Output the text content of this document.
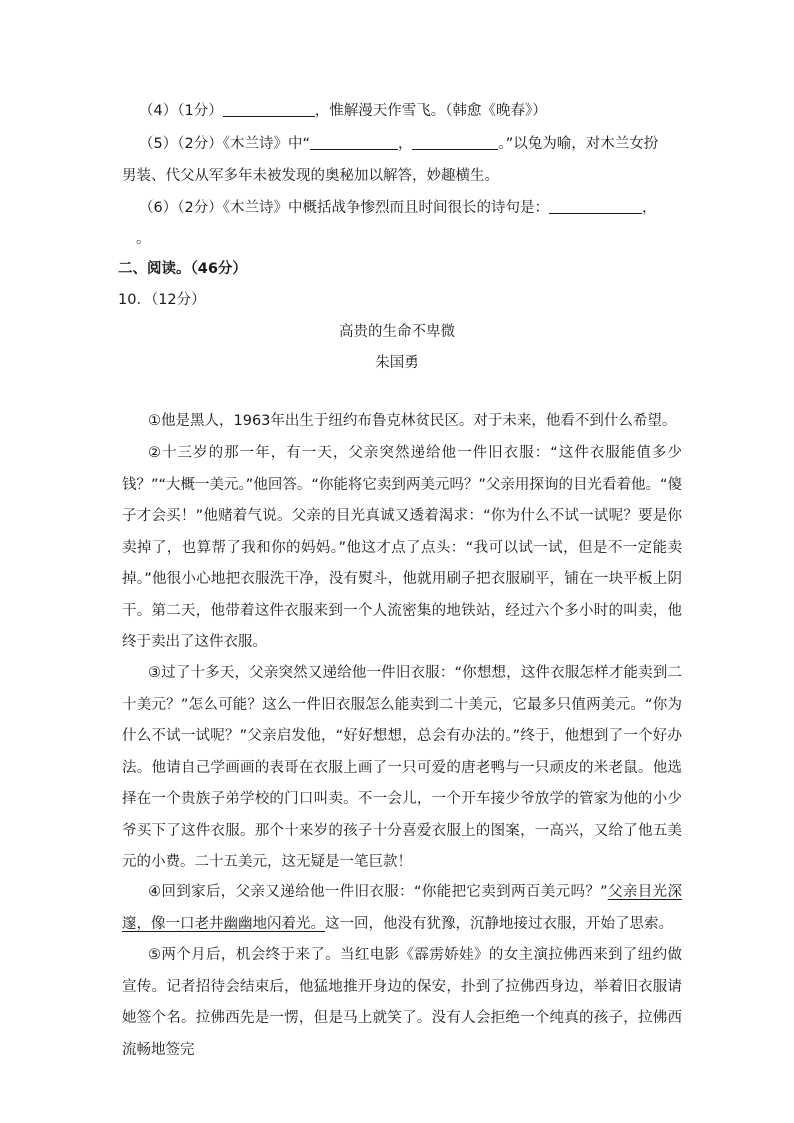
（4）（1分）	，惟解漫天作雪飞。（韩愈《晚春》）
（5）（2分）《木兰诗》中“	，	。”以兔为喻，对木兰女扮
男装、代父从军多年未被发现的奥秘加以解答，妙趣横生。
（6）（2分）《木兰诗》中概括战争惨烈而且时间很长的诗句是：	，
。
二、阅读。（46分）
10．（12分）
高贵的生命不卑微
朱国勇
①他是黑人，1963年出生于纽约布鲁克林贫民区。对于未来，他看不到什么希望。
②十三岁的那一年，有一天，父亲突然递给他一件旧衣服：“这件衣服能值多少钱？”“大概一美元。”他回答。“你能将它卖到两美元吗？”父亲用探询的目光看着他。“傻子才会买！”他赌着气说。父亲的目光真诚又透着渴求：“你为什么不试一试呢？要是你卖掉了，也算帮了我和你的妈妈。”他这才点了点头：“我可以试一试，但是不一定能卖掉。”他很小心地把衣服洗干净，没有熨斗，他就用刷子把衣服刷平，铺在一块平板上阴干。第二天，他带着这件衣服来到一个人流密集的地铁站，经过六个多小时的叫卖，他终于卖出了这件衣服。
③过了十多天，父亲突然又递给他一件旧衣服：“你想想，这件衣服怎样才能卖到二十美元？”怎么可能？这么一件旧衣服怎么能卖到二十美元，它最多只值两美元。“你为什么不试一试呢？”父亲启发他，“好好想想，总会有办法的。”终于，他想到了一个好办法。他请自己学画画的表哥在衣服上画了一只可爱的唐老鸭与一只顽皮的米老鼠。他选择在一个贵族子弟学校的门口叫卖。不一会儿，一个开车接少爷放学的管家为他的小少爷买下了这件衣服。那个十来岁的孩子十分喜爱衣服上的图案，一高兴，又给了他五美元的小费。二十五美元，这无疑是一笔巨款！
④回到家后，父亲又递给他一件旧衣服：“你能把它卖到两百美元吗？”父亲目光深邃，像一口老井幽幽地闪着光。这一回，他没有犹豫，沉静地接过衣服，开始了思索。
⑤两个月后，机会终于来了。当红电影《霹雳娇娃》的女主演拉佛西来到了纽约做宣传。记者招待会结束后，他猛地推开身边的保安，扑到了拉佛西身边，举着旧衣服请她签个名。拉佛西先是一愣，但是马上就笑了。没有人会拒绝一个纯真的孩子，拉佛西流畅地签完
